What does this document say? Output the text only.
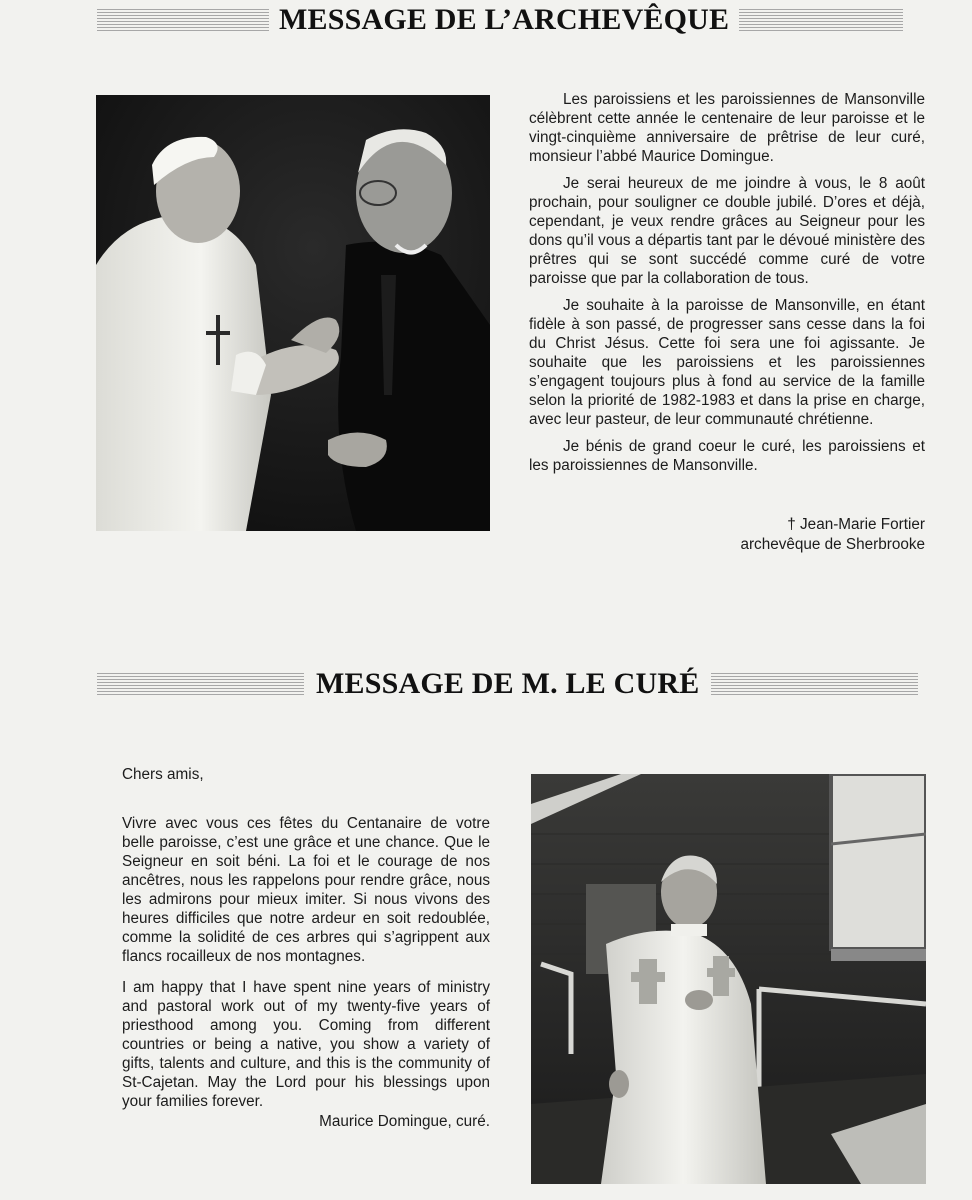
MESSAGE DE L’ARCHEVÊQUE

Les paroissiens et les paroissiennes de Mansonville célèbrent cette année le centenaire de leur paroisse et le vingt-cinquième anniversaire de prêtrise de leur curé, monsieur l’abbé Maurice Domingue.

Je serai heureux de me joindre à vous, le 8 août prochain, pour souligner ce double jubilé. D’ores et déjà, cependant, je veux rendre grâces au Seigneur pour les dons qu’il vous a départis tant par le dévoué ministère des prêtres qui se sont succédé comme curé de votre paroisse que par la collaboration de tous.

Je souhaite à la paroisse de Mansonville, en étant fidèle à son passé, de progresser sans cesse dans la foi du Christ Jésus. Cette foi sera une foi agissante. Je souhaite que les paroissiens et les paroissiennes s’engagent toujours plus à fond au service de la famille selon la priorité de 1982-1983 et dans la prise en charge, avec leur pasteur, de leur communauté chrétienne.

Je bénis de grand coeur le curé, les paroissiens et les paroissiennes de Mansonville.

† Jean-Marie Fortier
archevêque de Sherbrooke
MESSAGE DE M. LE CURÉ

Chers amis,

Vivre avec vous ces fêtes du Centanaire de votre belle paroisse, c’est une grâce et une chance. Que le Seigneur en soit béni. La foi et le courage de nos ancêtres, nous les rappelons pour rendre grâce, nous les admirons pour mieux imiter. Si nous vivons des heures difficiles que notre ardeur en soit redoublée, comme la solidité de ces arbres qui s’agrippent aux flancs rocailleux de nos montagnes.

I am happy that I have spent nine years of ministry and pastoral work out of my twenty-five years of priesthood among you. Coming from different countries or being a native, you show a variety of gifts, talents and culture, and this is the community of St-Cajetan. May the Lord pour his blessings upon your families forever.

Maurice Domingue, curé.
